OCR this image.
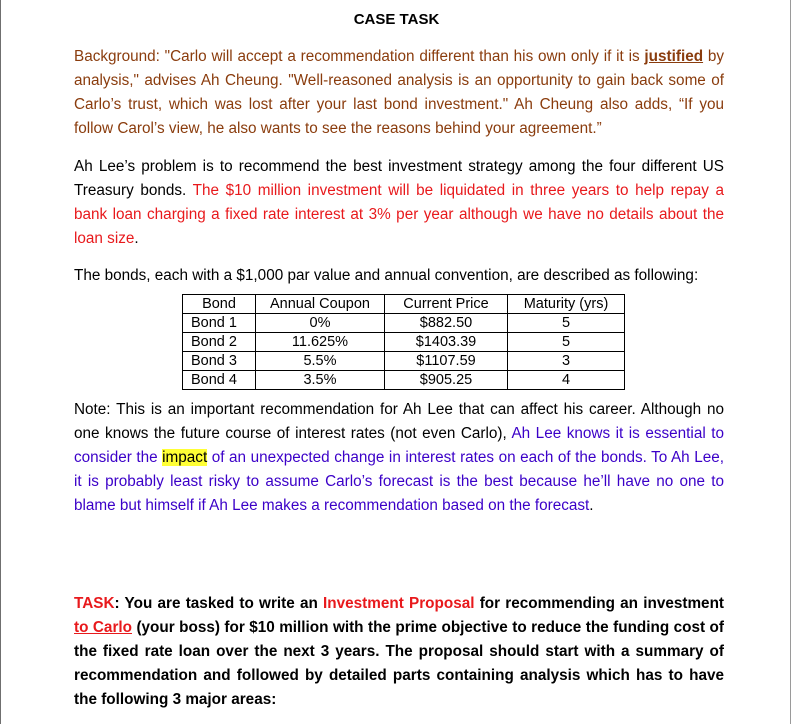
CASE TASK
Background: "Carlo will accept a recommendation different than his own only if it is justified by analysis," advises Ah Cheung. "Well-reasoned analysis is an opportunity to gain back some of Carlo’s trust, which was lost after your last bond investment." Ah Cheung also adds, “If you follow Carol’s view, he also wants to see the reasons behind your agreement.”
Ah Lee’s problem is to recommend the best investment strategy among the four different US Treasury bonds. The $10 million investment will be liquidated in three years to help repay a bank loan charging a fixed rate interest at 3% per year although we have no details about the loan size.
The bonds, each with a $1,000 par value and annual convention, are described as following:
Bond	Annual Coupon	Current Price	Maturity (yrs)
Bond 1	0%	$882.50	5
Bond 2	11.625%	$1403.39	5
Bond 3	5.5%	$1107.59	3
Bond 4	3.5%	$905.25	4
Note: This is an important recommendation for Ah Lee that can affect his career. Although no one knows the future course of interest rates (not even Carlo), Ah Lee knows it is essential to consider the impact of an unexpected change in interest rates on each of the bonds. To Ah Lee, it is probably least risky to assume Carlo’s forecast is the best because he’ll have no one to blame but himself if Ah Lee makes a recommendation based on the forecast.
TASK: You are tasked to write an Investment Proposal for recommending an investment to Carlo (your boss) for $10 million with the prime objective to reduce the funding cost of the fixed rate loan over the next 3 years. The proposal should start with a summary of recommendation and followed by detailed parts containing analysis which has to have the following 3 major areas:
